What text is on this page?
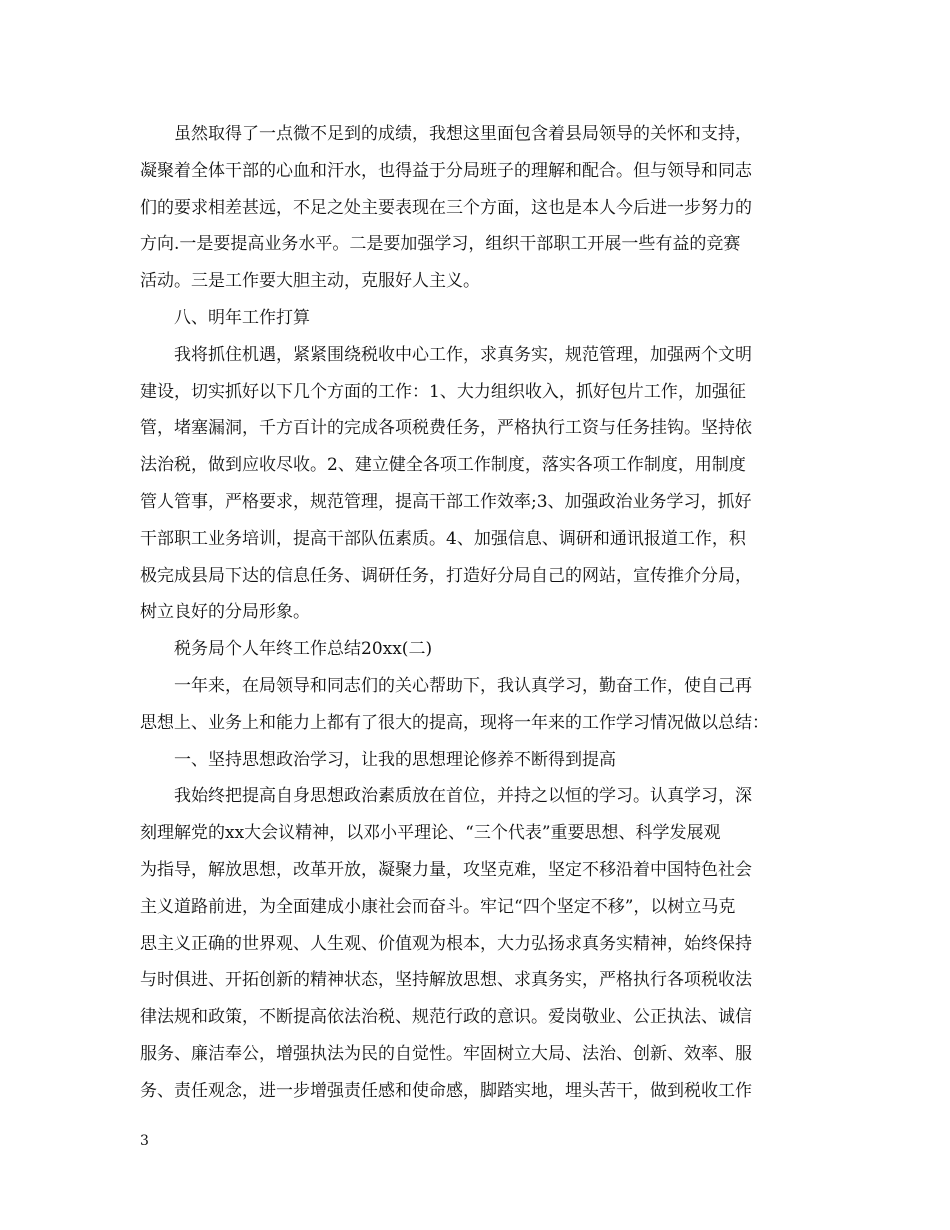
虽然取得了一点微不足到的成绩，我想这里面包含着县局领导的关怀和支持，
凝聚着全体干部的心血和汗水，也得益于分局班子的理解和配合。但与领导和同志
们的要求相差甚远，不足之处主要表现在三个方面，这也是本人今后进一步努力的
方向.一是要提高业务水平。二是要加强学习，组织干部职工开展一些有益的竞赛
活动。三是工作要大胆主动，克服好人主义。
八、明年工作打算
我将抓住机遇，紧紧围绕税收中心工作，求真务实，规范管理，加强两个文明
建设，切实抓好以下几个方面的工作：1、大力组织收入，抓好包片工作，加强征
管，堵塞漏洞，千方百计的完成各项税费任务，严格执行工资与任务挂钩。坚持依
法治税，做到应收尽收。2、建立健全各项工作制度，落实各项工作制度，用制度
管人管事，严格要求，规范管理，提高干部工作效率;3、加强政治业务学习，抓好
干部职工业务培训，提高干部队伍素质。4、加强信息、调研和通讯报道工作，积
极完成县局下达的信息任务、调研任务，打造好分局自己的网站，宣传推介分局，
树立良好的分局形象。
税务局个人年终工作总结20xx(二)
一年来，在局领导和同志们的关心帮助下，我认真学习，勤奋工作，使自己再
思想上、业务上和能力上都有了很大的提高，现将一年来的工作学习情况做以总结：
一、坚持思想政治学习，让我的思想理论修养不断得到提高
我始终把提高自身思想政治素质放在首位，并持之以恒的学习。认真学习，深
刻理解党的xx大会议精神，以邓小平理论、“三个代表”重要思想、科学发展观
为指导，解放思想，改革开放，凝聚力量，攻坚克难，坚定不移沿着中国特色社会
主义道路前进，为全面建成小康社会而奋斗。牢记“四个坚定不移”，以树立马克
思主义正确的世界观、人生观、价值观为根本，大力弘扬求真务实精神，始终保持
与时俱进、开拓创新的精神状态，坚持解放思想、求真务实，严格执行各项税收法
律法规和政策，不断提高依法治税、规范行政的意识。爱岗敬业、公正执法、诚信
服务、廉洁奉公，增强执法为民的自觉性。牢固树立大局、法治、创新、效率、服
务、责任观念，进一步增强责任感和使命感，脚踏实地，埋头苦干，做到税收工作
3
